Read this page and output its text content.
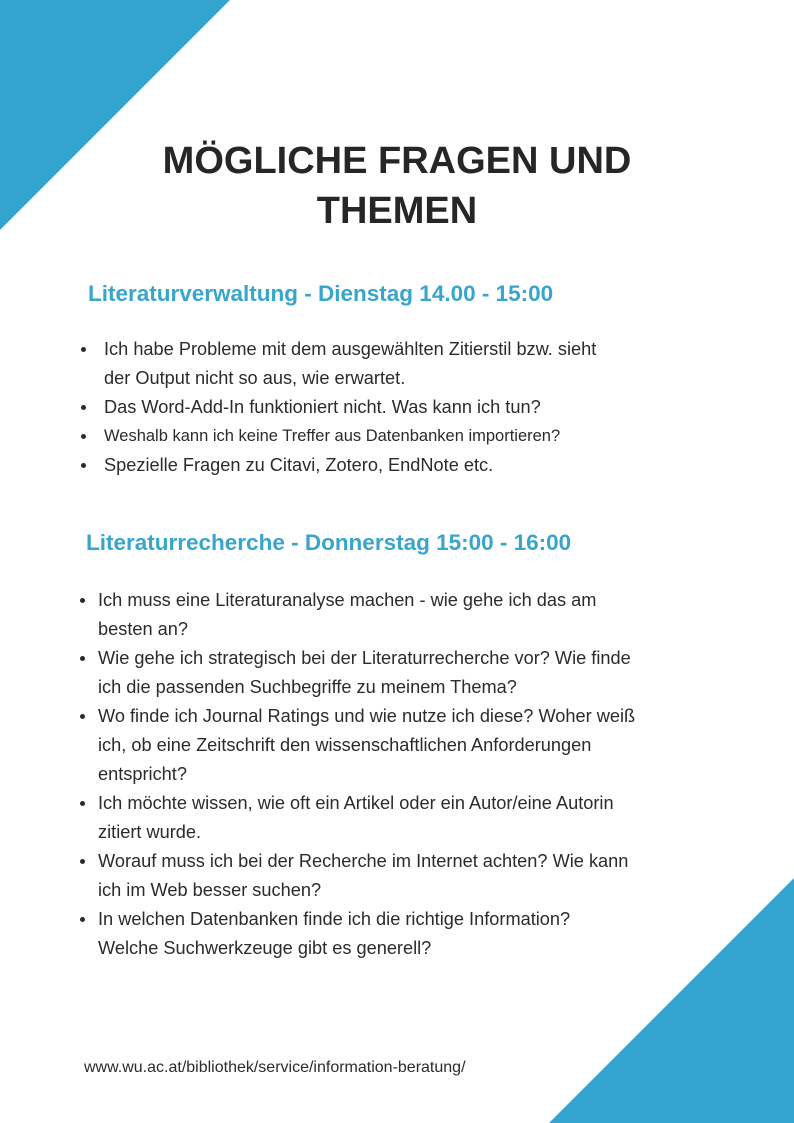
MÖGLICHE FRAGEN UND
THEMEN
Literaturverwaltung - Dienstag 14.00 - 15:00
Ich habe Probleme mit dem ausgewählten Zitierstil bzw. sieht
der Output nicht so aus, wie erwartet.
Das Word-Add-In funktioniert nicht. Was kann ich tun?
Weshalb kann ich keine Treffer aus Datenbanken importieren?
Spezielle Fragen zu Citavi, Zotero, EndNote etc.
Literaturrecherche - Donnerstag 15:00 - 16:00
Ich muss eine Literaturanalyse machen - wie gehe ich das am
besten an?
Wie gehe ich strategisch bei der Literaturrecherche vor? Wie finde
ich die passenden Suchbegriffe zu meinem Thema?
Wo finde ich Journal Ratings und wie nutze ich diese? Woher weiß
ich, ob eine Zeitschrift den wissenschaftlichen Anforderungen
entspricht?
Ich möchte wissen, wie oft ein Artikel oder ein Autor/eine Autorin
zitiert wurde.
Worauf muss ich bei der Recherche im Internet achten? Wie kann
ich im Web besser suchen?
In welchen Datenbanken finde ich die richtige Information?
Welche Suchwerkzeuge gibt es generell?
www.wu.ac.at/bibliothek/service/information-beratung/
